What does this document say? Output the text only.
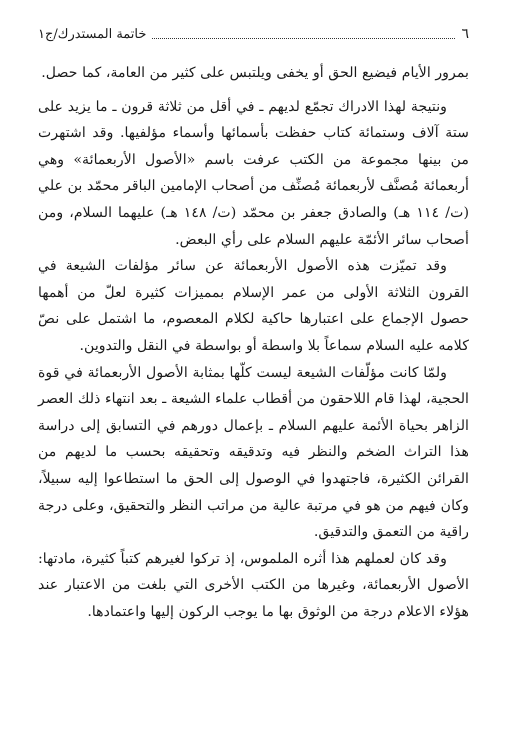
٦
خاتمة المستدرك/ج١

بمرور الأيام فيضيع الحق أو يخفى ويلتبس على كثير من العامة، كما حصل.

ونتيجة لهذا الادراك تجمّع لديهم ـ في أقل من ثلاثة قرون ـ ما يزيد على ستة آلاف وستمائة كتاب حفظت بأسمائها وأسماء مؤلفيها. وقد اشتهرت من بينها مجموعة من الكتب عرفت باسم «الأصول الأربعمائة» وهي أربعمائة مُصنَّف لأربعمائة مُصنِّف من أصحاب الإمامين الباقر محمّد بن علي (ت/ ١١٤ هـ) والصادق جعفر بن محمّد (ت/ ١٤٨ هـ) عليهما السلام، ومن أصحاب سائر الأئمّة عليهم السلام على رأي البعض.

وقد تميّزت هذه الأصول الأربعمائة عن سائر مؤلفات الشيعة في القرون الثلاثة الأولى من عمر الإسلام بمميزات كثيرة لعلّ من أهمها حصول الإجماع على اعتبارها حاكية لكلام المعصوم، ما اشتمل على نصّ كلامه عليه السلام سماعاً بلا واسطة أو بواسطة في النقل والتدوين.

ولمّا كانت مؤلّفات الشيعة ليست كلّها بمثابة الأصول الأربعمائة في قوة الحجية، لهذا قام اللاحقون من أقطاب علماء الشيعة ـ بعد انتهاء ذلك العصر الزاهر بحياة الأئمة عليهم السلام ـ بإعمال دورهم في التسابق إلى دراسة هذا التراث الضخم والنظر فيه وتدقيقه وتحقيقه بحسب ما لديهم من القرائن الكثيرة، فاجتهدوا في الوصول إلى الحق ما استطاعوا إليه سبيلاً، وكان فيهم من هو في مرتبة عالية من مراتب النظر والتحقيق، وعلى درجة راقية من التعمق والتدقيق.

وقد كان لعملهم هذا أثره الملموس، إذ تركوا لغيرهم كتباً كثيرة، مادتها: الأصول الأربعمائة، وغيرها من الكتب الأخرى التي بلغت من الاعتبار عند هؤلاء الاعلام درجة من الوثوق بها ما يوجب الركون إليها واعتمادها.
